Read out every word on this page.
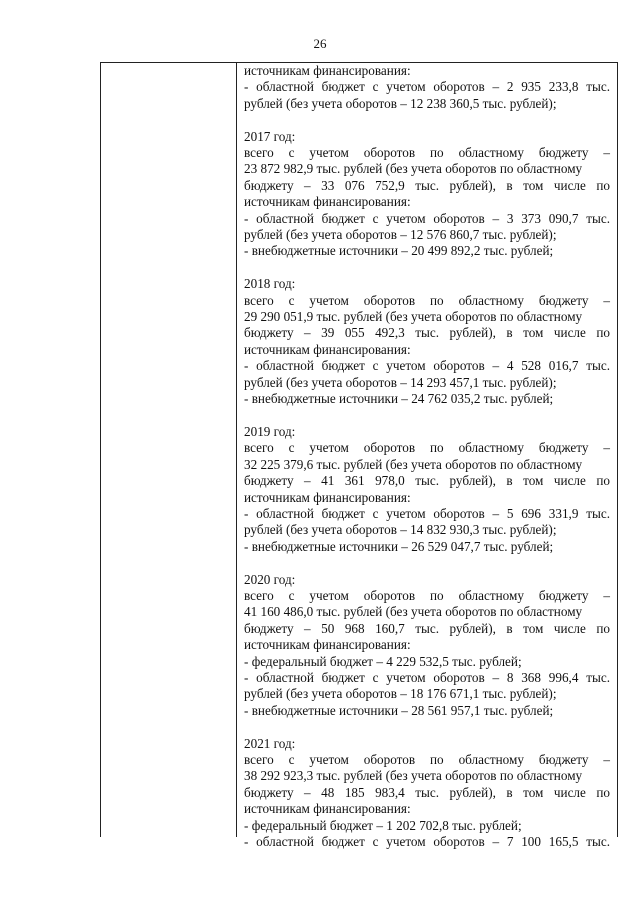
26
источникам финансирования:
- областной бюджет с учетом оборотов – 2 935 233,8 тыс.
рублей (без учета оборотов – 12 238 360,5 тыс. рублей);
2017 год:
всего с учетом оборотов по областному бюджету –
23 872 982,9 тыс. рублей (без учета оборотов по областному
бюджету – 33 076 752,9 тыс. рублей), в том числе по
источникам финансирования:
- областной бюджет с учетом оборотов – 3 373 090,7 тыс.
рублей (без учета оборотов – 12 576 860,7 тыс. рублей);
- внебюджетные источники – 20 499 892,2 тыс. рублей;
2018 год:
всего с учетом оборотов по областному бюджету –
29 290 051,9 тыс. рублей (без учета оборотов по областному
бюджету – 39 055 492,3 тыс. рублей), в том числе по
источникам финансирования:
- областной бюджет с учетом оборотов – 4 528 016,7 тыс.
рублей (без учета оборотов – 14 293 457,1 тыс. рублей);
- внебюджетные источники – 24 762 035,2 тыс. рублей;
2019 год:
всего с учетом оборотов по областному бюджету –
32 225 379,6 тыс. рублей (без учета оборотов по областному
бюджету – 41 361 978,0 тыс. рублей), в том числе по
источникам финансирования:
- областной бюджет с учетом оборотов – 5 696 331,9 тыс.
рублей (без учета оборотов – 14 832 930,3 тыс. рублей);
- внебюджетные источники – 26 529 047,7 тыс. рублей;
2020 год:
всего с учетом оборотов по областному бюджету –
41 160 486,0 тыс. рублей (без учета оборотов по областному
бюджету – 50 968 160,7 тыс. рублей), в том числе по
источникам финансирования:
- федеральный бюджет – 4 229 532,5 тыс. рублей;
- областной бюджет с учетом оборотов – 8 368 996,4 тыс.
рублей (без учета оборотов – 18 176 671,1 тыс. рублей);
- внебюджетные источники – 28 561 957,1 тыс. рублей;
2021 год:
всего с учетом оборотов по областному бюджету –
38 292 923,3 тыс. рублей (без учета оборотов по областному
бюджету – 48 185 983,4 тыс. рублей), в том числе по
источникам финансирования:
- федеральный бюджет – 1 202 702,8 тыс. рублей;
- областной бюджет с учетом оборотов – 7 100 165,5 тыс.
